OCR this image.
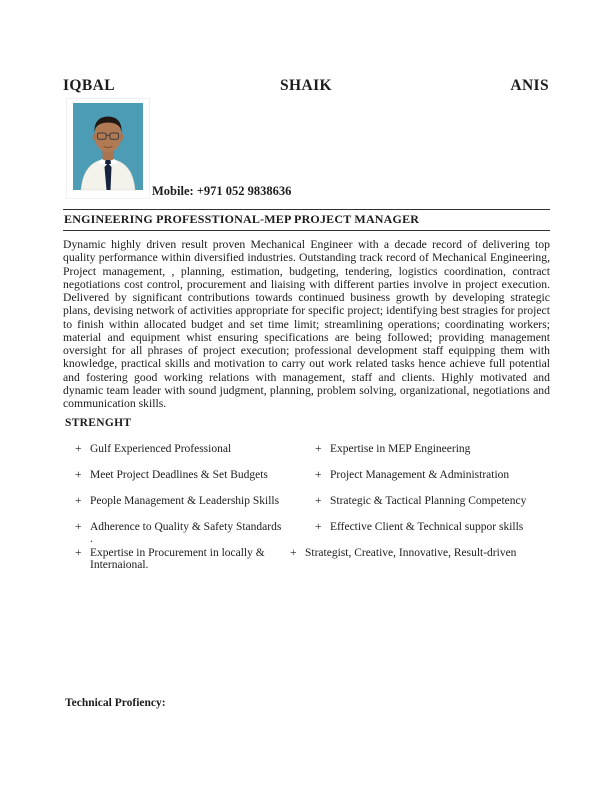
IQBAL	SHAIK	ANIS
Mobile: +971 052 9838636
ENGINEERING PROFESSTIONAL-MEP PROJECT MANAGER
Dynamic highly driven result proven Mechanical Engineer with a decade record of delivering top quality performance within diversified industries. Outstanding track record of Mechanical Engineering, Project management, , planning, estimation, budgeting, tendering, logistics coordination, contract negotiations cost control, procurement and liaising with different parties involve in project execution. Delivered by significant contributions towards continued business growth by developing strategic plans, devising network of activities appropriate for specific project; identifying best stragies for project to finish within allocated budget and set time limit; streamlining operations; coordinating workers; material and equipment whist ensuring specifications are being followed; providing management oversight for all phrases of project execution; professional development staff equipping them with knowledge, practical skills and motivation to carry out work related tasks hence achieve full potential and fostering good working relations with management, staff and clients. Highly motivated and dynamic team leader with sound judgment, planning, problem solving, organizational, negotiations and communication skills.
STRENGHT
+ Gulf Experienced Professional	+ Expertise in MEP Engineering
+ Meet Project Deadlines & Set Budgets	+ Project Management & Administration
+ People Management & Leadership Skills	+ Strategic & Tactical Planning Competency
+ Adherence to Quality & Safety Standards .
+ Effective Client & Technical suppor skills
+ Expertise in Procurement in locally & Internaional.
+ Strategist, Creative, Innovative, Result-driven
Technical Profiency:
